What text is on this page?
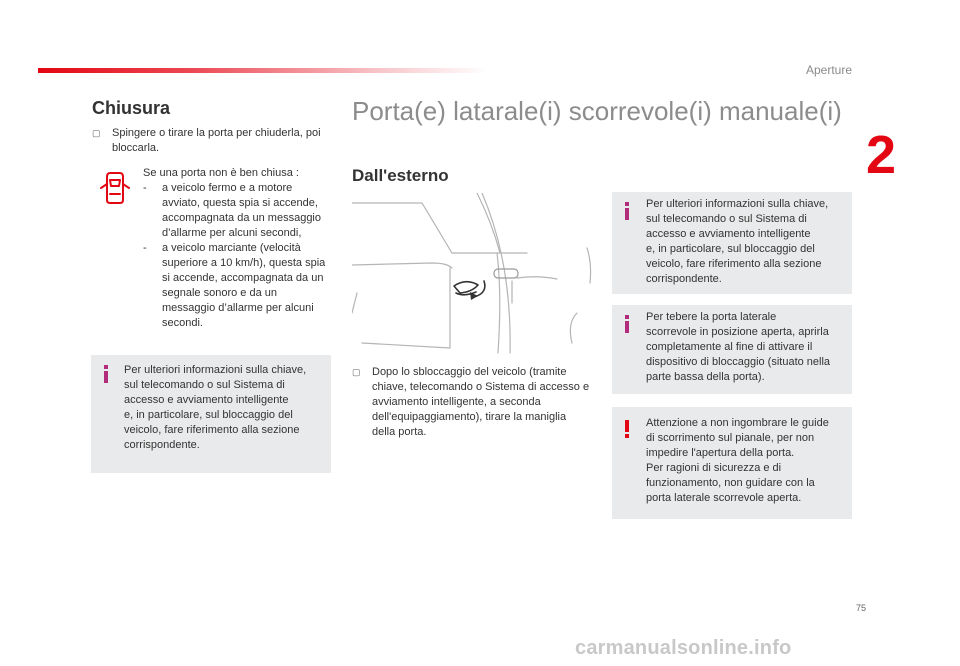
Aperture
2
Chiusura
▢	Spingere o tirare la porta per chiuderla, poi bloccarla.
Se una porta non è ben chiusa :
-	a veicolo fermo e a motore avviato, questa spia si accende, accompagnata da un messaggio d’allarme per alcuni secondi,
-	a veicolo marciante (velocità superiore a 10 km/h), questa spia si accende, accompagnata da un segnale sonoro e da un messaggio d’allarme per alcuni secondi.
Per ulteriori informazioni sulla chiave,
sul telecomando o sul Sistema di
accesso e avviamento intelligente
e, in particolare, sul bloccaggio del
veicolo, fare riferimento alla sezione
corrispondente.
Porta(e) latarale(i) scorrevole(i) manuale(i)
Dall'esterno
▢	Dopo lo sbloccaggio del veicolo (tramite chiave, telecomando o Sistema di accesso e avviamento intelligente, a seconda dell'equipaggiamento), tirare la maniglia della porta.
Per ulteriori informazioni sulla chiave,
sul telecomando o sul Sistema di
accesso e avviamento intelligente
e, in particolare, sul bloccaggio del
veicolo, fare riferimento alla sezione
corrispondente.
Per tebere la porta laterale
scorrevole in posizione aperta, aprirla
completamente al fine di attivare il
dispositivo di bloccaggio (situato nella
parte bassa della porta).
Attenzione a non ingombrare le guide
di scorrimento sul pianale, per non
impedire l'apertura della porta.
Per ragioni di sicurezza e di
funzionamento, non guidare con la
porta laterale scorrevole aperta.
75
carmanualsonline.info
